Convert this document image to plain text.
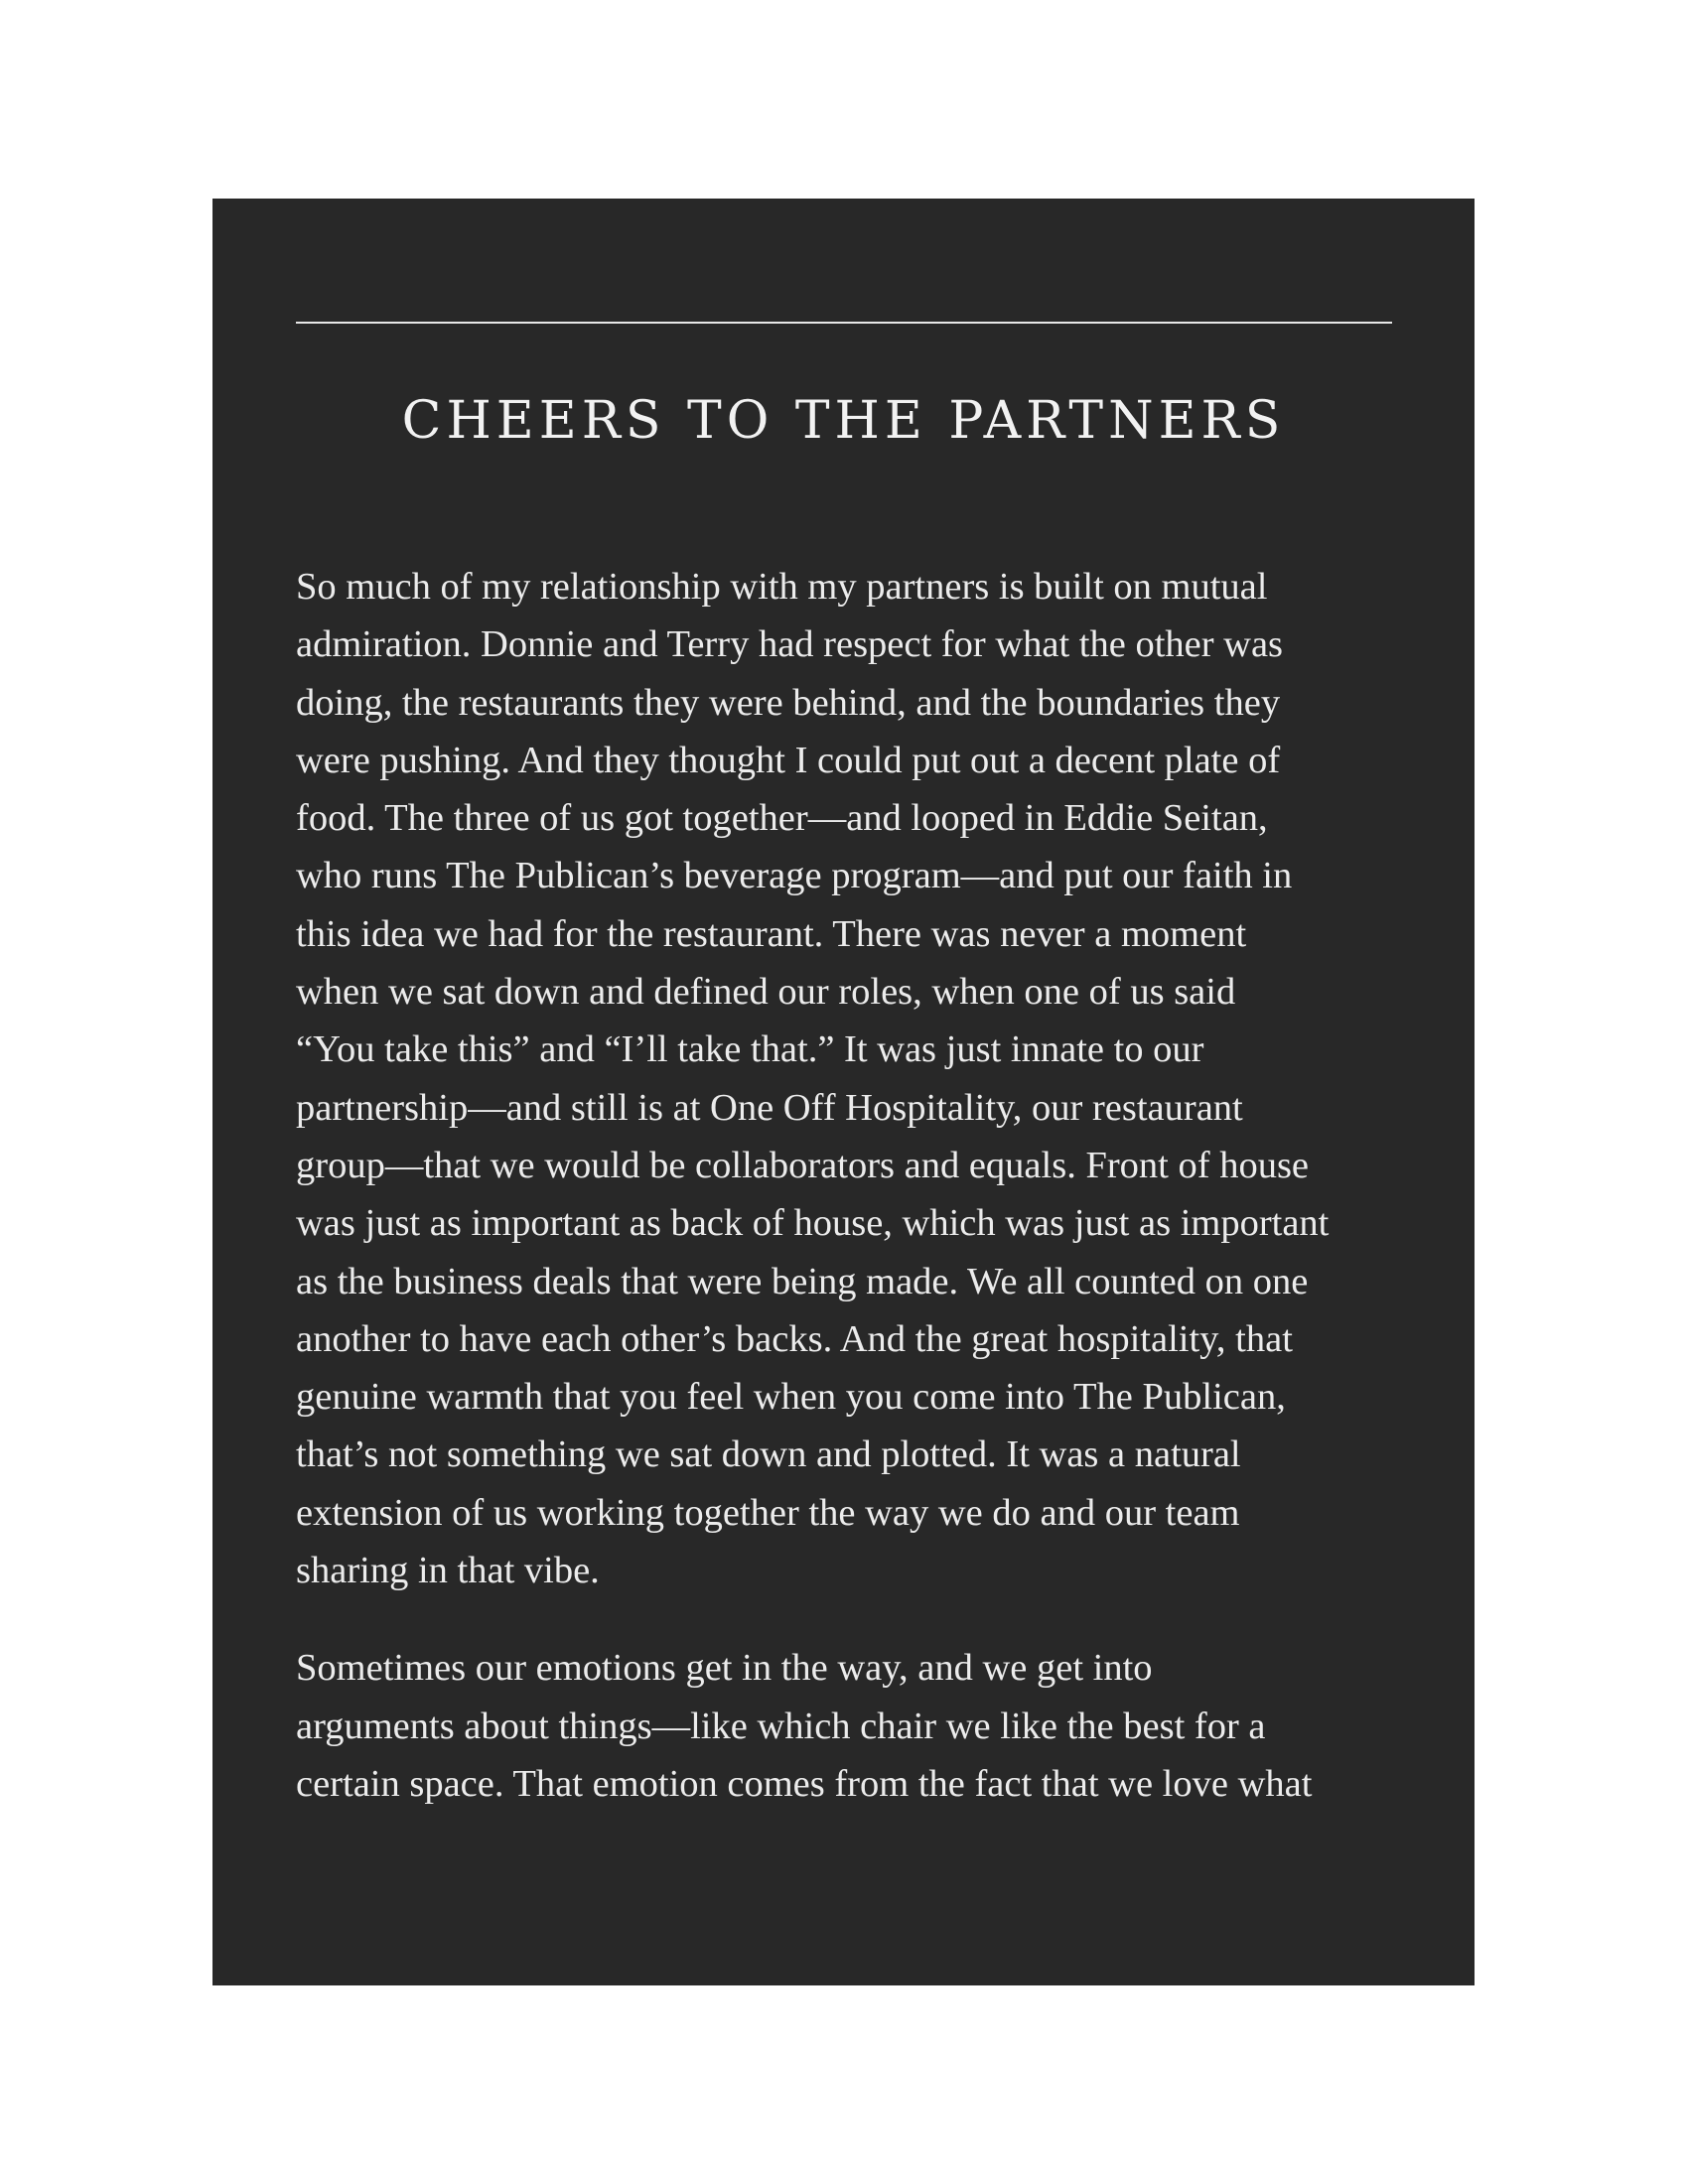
CHEERS TO THE PARTNERS

So much of my relationship with my partners is built on mutual
admiration. Donnie and Terry had respect for what the other was
doing, the restaurants they were behind, and the boundaries they
were pushing. And they thought I could put out a decent plate of
food. The three of us got together—and looped in Eddie Seitan,
who runs The Publican’s beverage program—and put our faith in
this idea we had for the restaurant. There was never a moment
when we sat down and defined our roles, when one of us said
“You take this” and “I’ll take that.” It was just innate to our
partnership—and still is at One Off Hospitality, our restaurant
group—that we would be collaborators and equals. Front of house
was just as important as back of house, which was just as important
as the business deals that were being made. We all counted on one
another to have each other’s backs. And the great hospitality, that
genuine warmth that you feel when you come into The Publican,
that’s not something we sat down and plotted. It was a natural
extension of us working together the way we do and our team
sharing in that vibe.

Sometimes our emotions get in the way, and we get into
arguments about things—like which chair we like the best for a
certain space. That emotion comes from the fact that we love what
